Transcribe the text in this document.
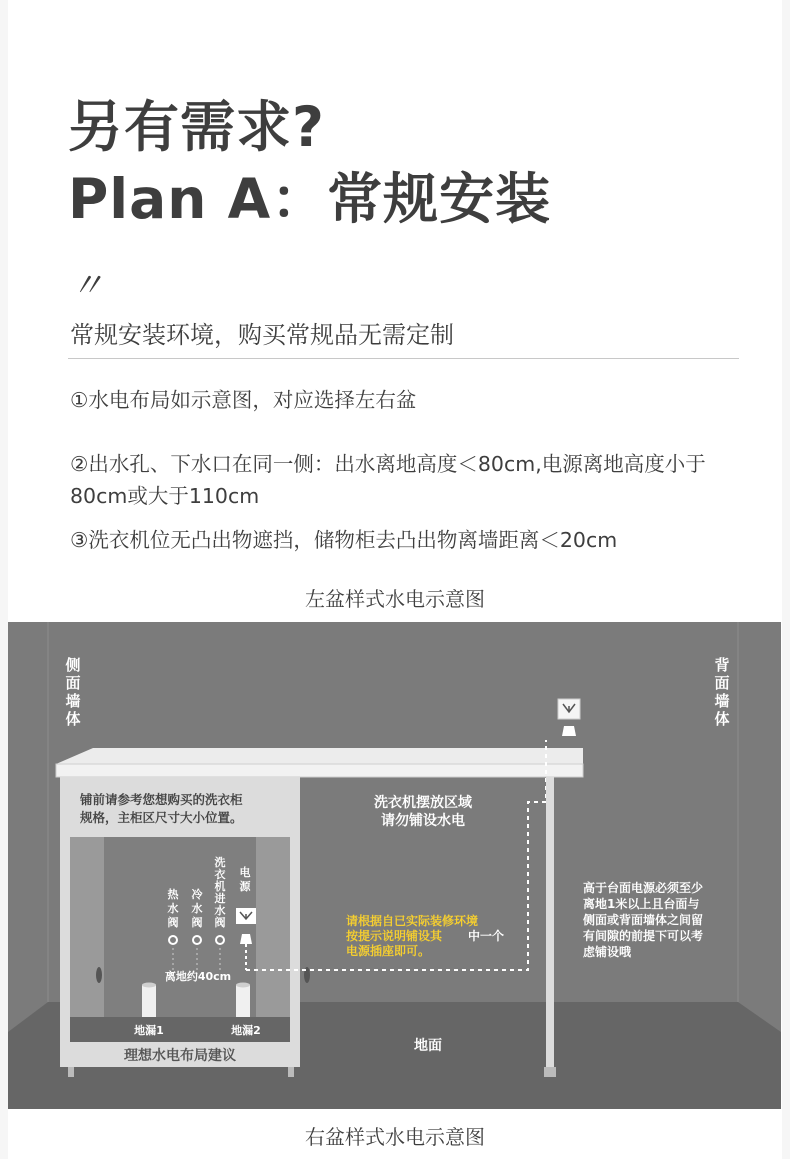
另有需求?
Plan A：常规安装
〃
常规安装环境，购买常规品无需定制
①水电布局如示意图，对应选择左右盆
②出水孔、下水口在同一侧：出水离地高度＜80cm,电源离地高度小于80cm或大于110cm
③洗衣机位无凸出物遮挡，储物柜去凸出物离墙距离＜20cm
左盆样式水电示意图
侧
面
墙
体
背
面
墙
体
铺前请参考您想购买的洗衣柜
规格，主柜区尺寸大小位置。
热
水
阀
冷
水
阀
洗
衣
机
进
水
阀
电
源
离地约40cm
地漏1	地漏2
理想水电布局建议
洗衣机摆放区域
请勿铺设水电
请根据自已实际装修环境
按提示说明铺设其 中一个
电源插座即可。
高于台面电源必须至少
离地1米以上且台面与
侧面或背面墙体之间留
有间隙的前提下可以考
虑铺设哦
地面
右盆样式水电示意图
